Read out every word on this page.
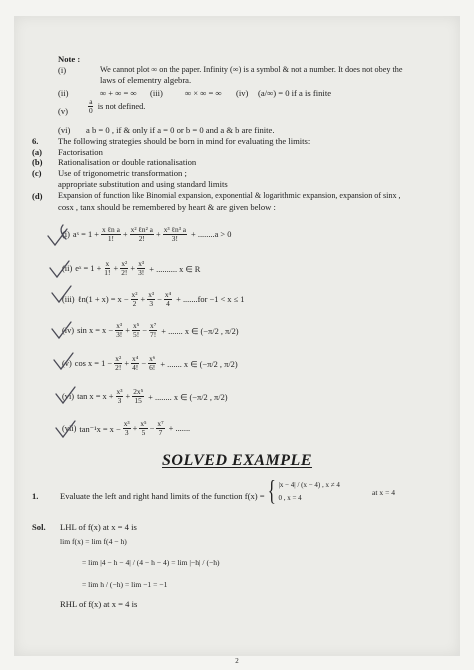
Note :
(i)	We cannot plot ∞ on the paper. Infinity (∞) is a symbol & not a number. It does not obey the
laws of elementry algebra.
(ii)	∞ + ∞ = ∞ (iii)	∞ × ∞ = ∞ (iv) (a/∞) = 0 if a is finite
(v)	$\frac{a}{0}$ is not defined.
(vi) a b = 0 , if & only if a = 0 or b = 0 and a & b are finite.
6. The following strategies should be born in mind for evaluating the limits:
(a) Factorisation
(b) Rationalisation or double rationalisation
(c) Use of trigonometric transformation ;
appropriate substitution and using standard limits
(d) Expansion of function like Binomial expansion, exponential & logarithmic expansion, expansion of sinx ,
cosx , tanx should be remembered by heart & are given below :
(i) aˣ = $1 + \frac{\text{x ℓn a}}{1!} + \frac{\text{x² ℓn² a}}{2!} + \frac{\text{x³ ℓn³ a}}{3!} + ........a > 0$
(ii) eˣ = $1 + \frac{x}{1!} + \frac{\text{x²}}{2!} + \frac{\text{x³}}{3!}$ + .......... x ∈ R
(iii) ℓn(1 + $x) = x - \frac{\text{x²}}{2} + \frac{\text{x³}}{3} - \frac{\text{x⁴}}{4} + .......for -1 < x \le 1$
(iv) $\sin x = x - \frac{\text{x³}}{3!} + \frac{\text{x⁵}}{5!} - \frac{\text{x⁷}}{7!}$ + ....... x ∈ (−π/2 , π/2)
(v) $\cos x = 1 - \frac{\text{x²}}{2!} + \frac{\text{x⁴}}{4!} - \frac{\text{x⁶}}{6!}$ + ....... x ∈ (−π/2 , π/2)
(vi) $\tan x = x + \frac{\text{x³}}{3} + \frac{\text{2x⁵}}{15}$ + ........ x ∈ (−π/2 , π/2)
(vii) $\tan^{-1}x = x - \frac{\text{x³}}{3} + \frac{\text{x⁵}}{5} - \frac{\text{x⁷}}{7}$ + .......
SOLVED EXAMPLE
1.	Evaluate the left and right hand limits of the function f(x) = { |x − 4| / (x − 4) , x ≠ 4
0 , x = 4
at x = 4
Sol. LHL of f(x) at x = 4 is
lim f(x) = lim f(4 − h)
= lim |4 − h − 4| / (4 − h − 4) = lim |−h| / (−h)
= lim h / (−h) = lim −1 = −1
RHL of f(x) at x = 4 is
2
